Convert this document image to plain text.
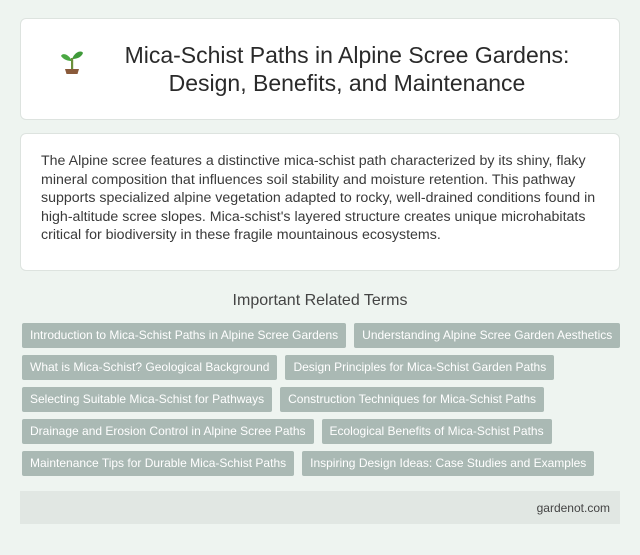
Mica-Schist Paths in Alpine Scree Gardens: Design, Benefits, and Maintenance

The Alpine scree features a distinctive mica-schist path characterized by its shiny, flaky mineral composition that influences soil stability and moisture retention. This pathway supports specialized alpine vegetation adapted to rocky, well-drained conditions found in high-altitude scree slopes. Mica-schist's layered structure creates unique microhabitats critical for biodiversity in these fragile mountainous ecosystems.

Important Related Terms
Introduction to Mica-Schist Paths in Alpine Scree Gardens	Understanding Alpine Scree Garden Aesthetics
What is Mica-Schist? Geological Background	Design Principles for Mica-Schist Garden Paths
Selecting Suitable Mica-Schist for Pathways	Construction Techniques for Mica-Schist Paths
Drainage and Erosion Control in Alpine Scree Paths	Ecological Benefits of Mica-Schist Paths
Maintenance Tips for Durable Mica-Schist Paths	Inspiring Design Ideas: Case Studies and Examples
gardenot.com
